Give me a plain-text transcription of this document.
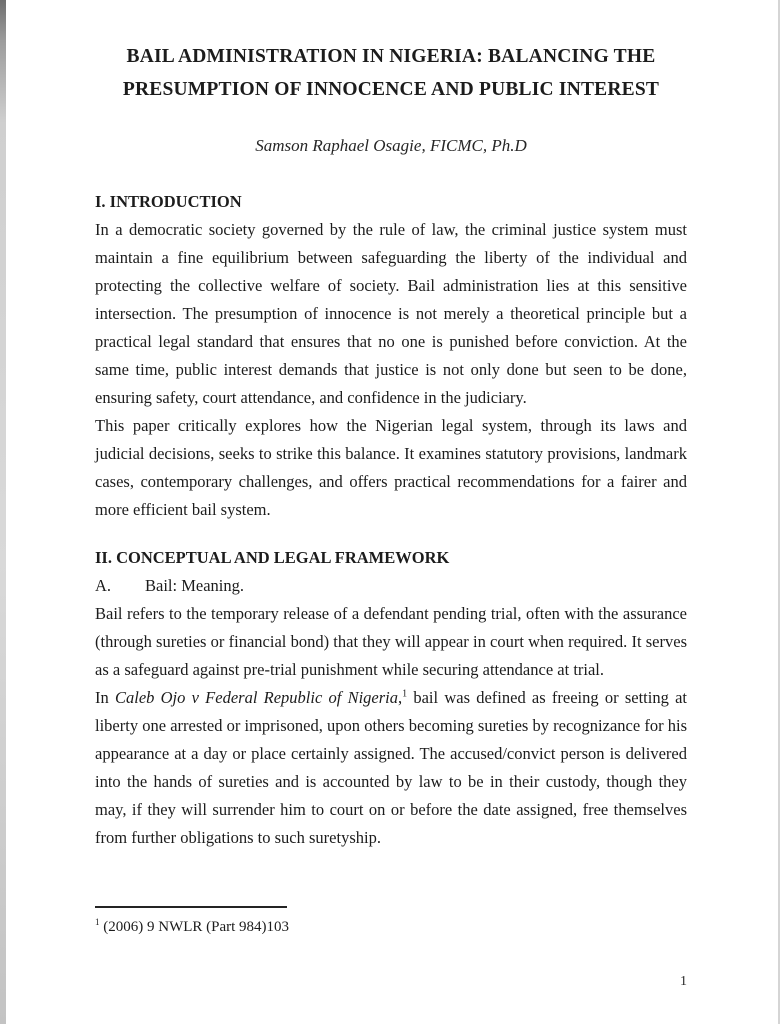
BAIL ADMINISTRATION IN NIGERIA: BALANCING THE
PRESUMPTION OF INNOCENCE AND PUBLIC INTEREST
Samson Raphael Osagie, FICMC, Ph.D
I. INTRODUCTION

In a democratic society governed by the rule of law, the criminal justice system must maintain a fine equilibrium between safeguarding the liberty of the individual and protecting the collective welfare of society. Bail administration lies at this sensitive intersection. The presumption of innocence is not merely a theoretical principle but a practical legal standard that ensures that no one is punished before conviction. At the same time, public interest demands that justice is not only done but seen to be done, ensuring safety, court attendance, and confidence in the judiciary.

This paper critically explores how the Nigerian legal system, through its laws and judicial decisions, seeks to strike this balance. It examines statutory provisions, landmark cases, contemporary challenges, and offers practical recommendations for a fairer and more efficient bail system.

II. CONCEPTUAL AND LEGAL FRAMEWORK
A. Bail: Meaning.

Bail refers to the temporary release of a defendant pending trial, often with the assurance (through sureties or financial bond) that they will appear in court when required. It serves as a safeguard against pre-trial punishment while securing attendance at trial.

In Caleb Ojo v Federal Republic of Nigeria,$^1$ bail was defined as freeing or setting at liberty one arrested or imprisoned, upon others becoming sureties by recognizance for his appearance at a day or place certainly assigned. The accused/convict person is delivered into the hands of sureties and is accounted by law to be in their custody, though they may, if they will surrender him to court on or before the date assigned, free themselves from further obligations to such suretyship.

$^1$ (2006) 9 NWLR (Part 984)103
1
